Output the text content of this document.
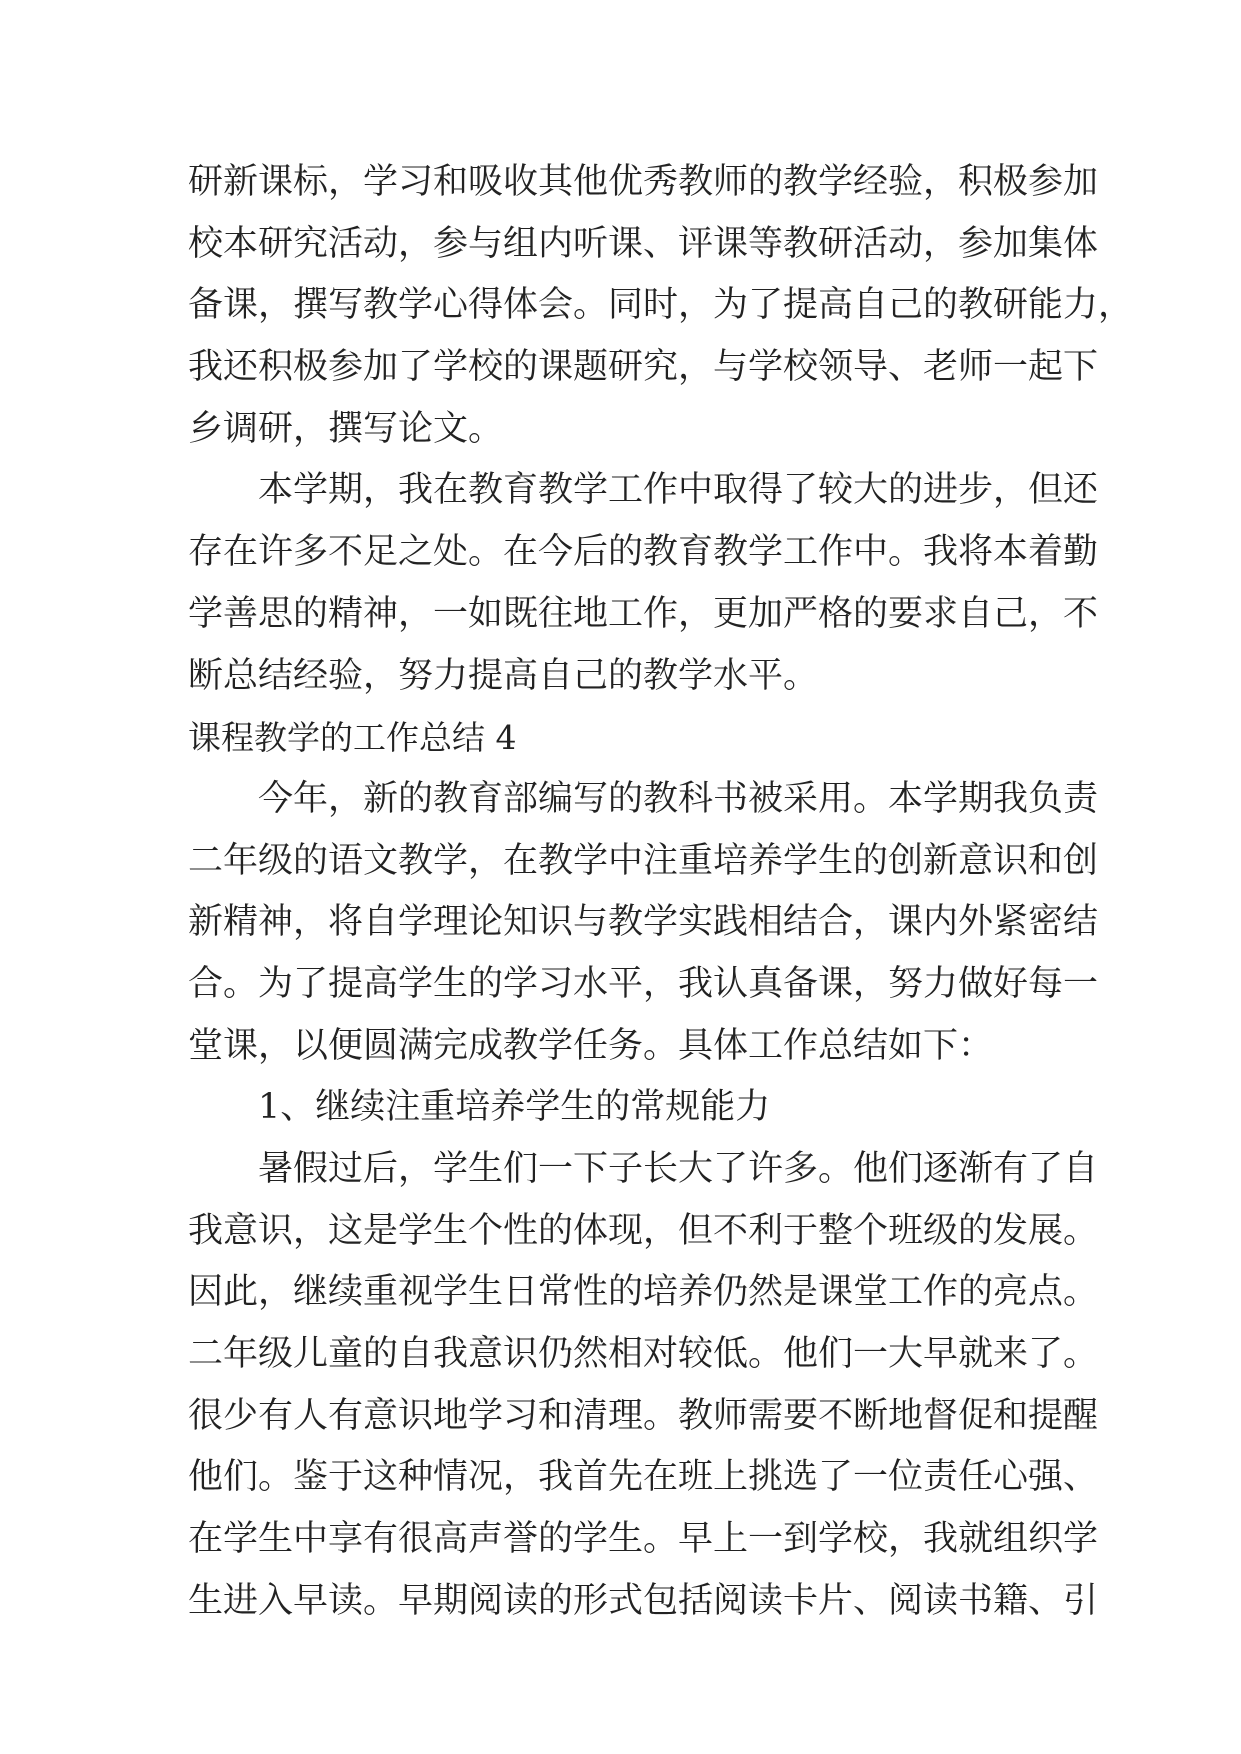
研新课标，学习和吸收其他优秀教师的教学经验，积极参加
校本研究活动，参与组内听课、评课等教研活动，参加集体
备课，撰写教学心得体会。同时，为了提高自己的教研能力，
我还积极参加了学校的课题研究，与学校领导、老师一起下
乡调研，撰写论文。
本学期，我在教育教学工作中取得了较大的进步，但还
存在许多不足之处。在今后的教育教学工作中。我将本着勤
学善思的精神，一如既往地工作，更加严格的要求自己，不
断总结经验，努力提高自己的教学水平。
课程教学的工作总结 4
今年，新的教育部编写的教科书被采用。本学期我负责
二年级的语文教学，在教学中注重培养学生的创新意识和创
新精神，将自学理论知识与教学实践相结合，课内外紧密结
合。为了提高学生的学习水平，我认真备课，努力做好每一
堂课，以便圆满完成教学任务。具体工作总结如下：
1、继续注重培养学生的常规能力
暑假过后，学生们一下子长大了许多。他们逐渐有了自
我意识，这是学生个性的体现，但不利于整个班级的发展。
因此，继续重视学生日常性的培养仍然是课堂工作的亮点。
二年级儿童的自我意识仍然相对较低。他们一大早就来了。
很少有人有意识地学习和清理。教师需要不断地督促和提醒
他们。鉴于这种情况，我首先在班上挑选了一位责任心强、
在学生中享有很高声誉的学生。早上一到学校，我就组织学
生进入早读。早期阅读的形式包括阅读卡片、阅读书籍、引
